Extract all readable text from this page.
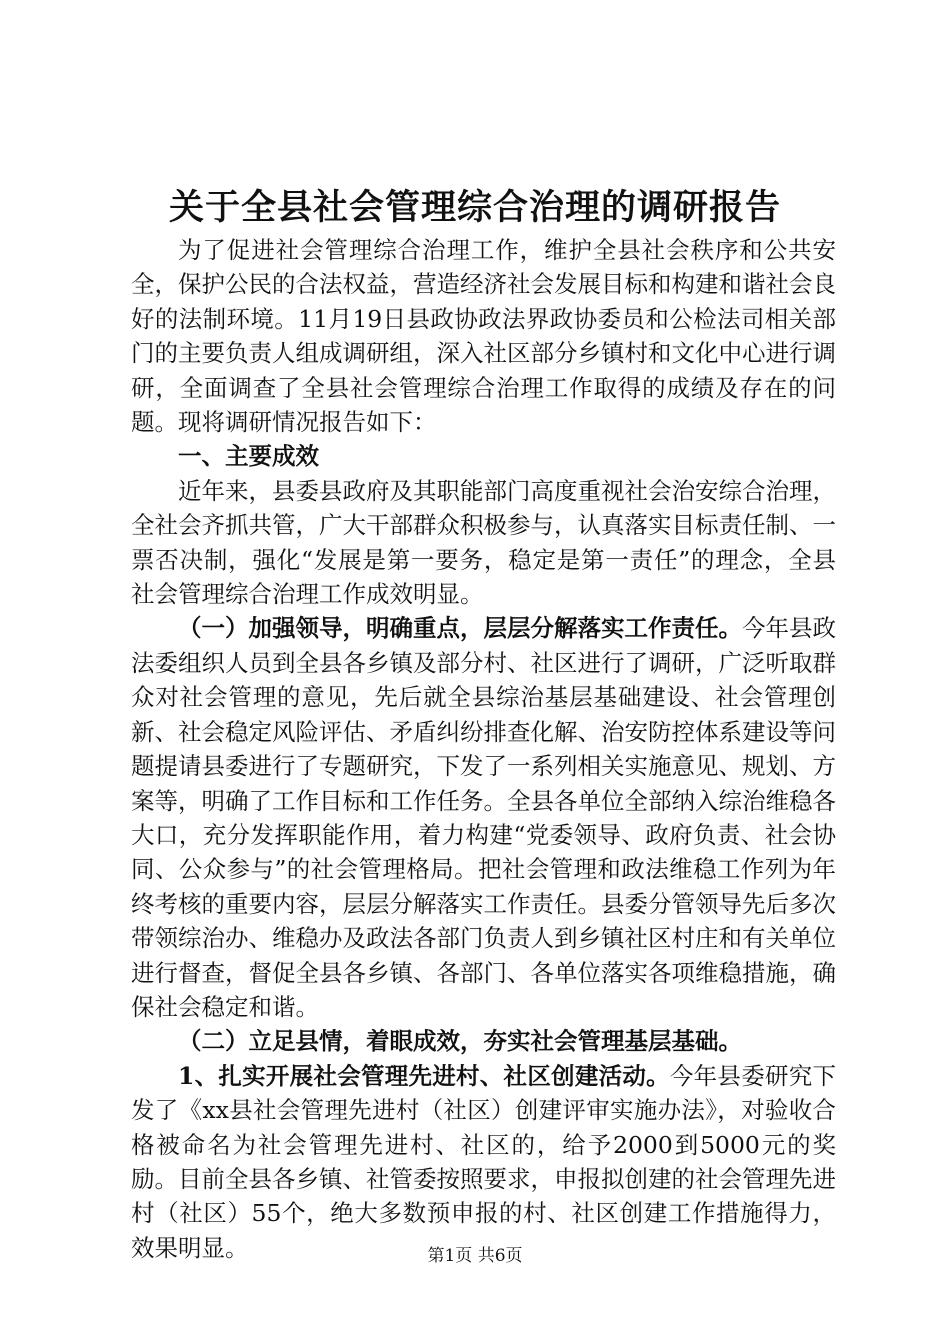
关于全县社会管理综合治理的调研报告

为了促进社会管理综合治理工作，维护全县社会秩序和公共安全，保护公民的合法权益，营造经济社会发展目标和构建和谐社会良好的法制环境。11月19日县政协政法界政协委员和公检法司相关部门的主要负责人组成调研组，深入社区部分乡镇村和文化中心进行调研，全面调查了全县社会管理综合治理工作取得的成绩及存在的问题。现将调研情况报告如下：

一、主要成效

近年来，县委县政府及其职能部门高度重视社会治安综合治理，全社会齐抓共管，广大干部群众积极参与，认真落实目标责任制、一票否决制，强化“发展是第一要务，稳定是第一责任”的理念，全县社会管理综合治理工作成效明显。

（一）加强领导，明确重点，层层分解落实工作责任。今年县政法委组织人员到全县各乡镇及部分村、社区进行了调研，广泛听取群众对社会管理的意见，先后就全县综治基层基础建设、社会管理创新、社会稳定风险评估、矛盾纠纷排查化解、治安防控体系建设等问题提请县委进行了专题研究，下发了一系列相关实施意见、规划、方案等，明确了工作目标和工作任务。全县各单位全部纳入综治维稳各大口，充分发挥职能作用，着力构建“党委领导、政府负责、社会协同、公众参与”的社会管理格局。把社会管理和政法维稳工作列为年终考核的重要内容，层层分解落实工作责任。县委分管领导先后多次带领综治办、维稳办及政法各部门负责人到乡镇社区村庄和有关单位进行督查，督促全县各乡镇、各部门、各单位落实各项维稳措施，确保社会稳定和谐。

（二）立足县情，着眼成效，夯实社会管理基层基础。

1、扎实开展社会管理先进村、社区创建活动。今年县委研究下发了《xx县社会管理先进村（社区）创建评审实施办法》，对验收合格被命名为社会管理先进村、社区的，给予2000到5000元的奖励。目前全县各乡镇、社管委按照要求，申报拟创建的社会管理先进村（社区）55个，绝大多数预申报的村、社区创建工作措施得力，效果明显。	第1页 共6页
